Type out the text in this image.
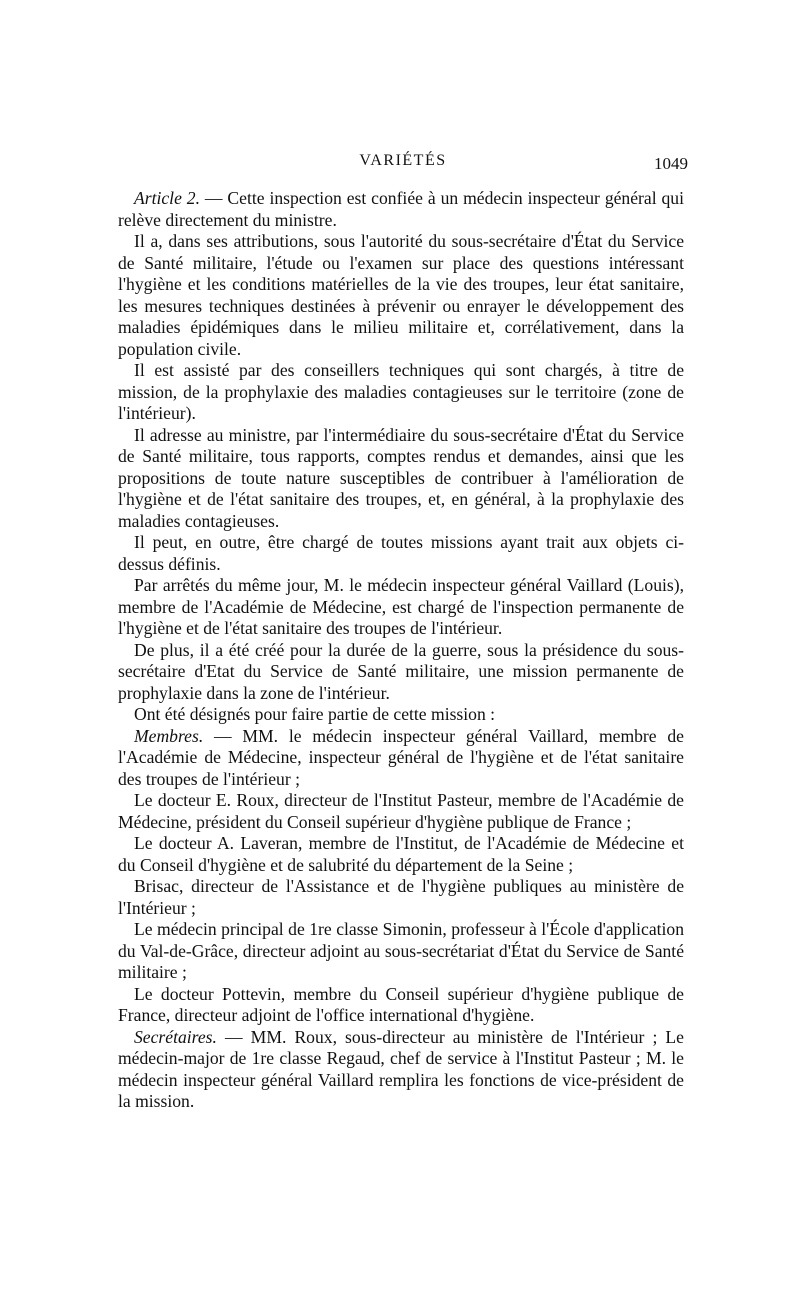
VARIÉTÉS	1049

Article 2. — Cette inspection est confiée à un médecin inspecteur général qui relève directement du ministre.

Il a, dans ses attributions, sous l'autorité du sous-secrétaire d'État du Service de Santé militaire, l'étude ou l'examen sur place des questions intéressant l'hygiène et les conditions matérielles de la vie des troupes, leur état sanitaire, les mesures techniques destinées à prévenir ou enrayer le développement des maladies épidémiques dans le milieu militaire et, corrélativement, dans la population civile.

Il est assisté par des conseillers techniques qui sont chargés, à titre de mission, de la prophylaxie des maladies contagieuses sur le territoire (zone de l'intérieur).

Il adresse au ministre, par l'intermédiaire du sous-secrétaire d'État du Service de Santé militaire, tous rapports, comptes rendus et demandes, ainsi que les propositions de toute nature susceptibles de contribuer à l'amélioration de l'hygiène et de l'état sanitaire des troupes, et, en général, à la prophylaxie des maladies contagieuses.

Il peut, en outre, être chargé de toutes missions ayant trait aux objets ci-dessus définis.

Par arrêtés du même jour, M. le médecin inspecteur général Vaillard (Louis), membre de l'Académie de Médecine, est chargé de l'inspection permanente de l'hygiène et de l'état sanitaire des troupes de l'intérieur.

De plus, il a été créé pour la durée de la guerre, sous la présidence du sous-secrétaire d'Etat du Service de Santé militaire, une mission permanente de prophylaxie dans la zone de l'intérieur.

Ont été désignés pour faire partie de cette mission :

Membres. — MM. le médecin inspecteur général Vaillard, membre de l'Académie de Médecine, inspecteur général de l'hygiène et de l'état sanitaire des troupes de l'intérieur ;

Le docteur E. Roux, directeur de l'Institut Pasteur, membre de l'Académie de Médecine, président du Conseil supérieur d'hygiène publique de France ;

Le docteur A. Laveran, membre de l'Institut, de l'Académie de Médecine et du Conseil d'hygiène et de salubrité du département de la Seine ;

Brisac, directeur de l'Assistance et de l'hygiène publiques au ministère de l'Intérieur ;

Le médecin principal de 1re classe Simonin, professeur à l'École d'application du Val-de-Grâce, directeur adjoint au sous-secrétariat d'État du Service de Santé militaire ;

Le docteur Pottevin, membre du Conseil supérieur d'hygiène publique de France, directeur adjoint de l'office international d'hygiène.

Secrétaires. — MM. Roux, sous-directeur au ministère de l'Intérieur ; Le médecin-major de 1re classe Regaud, chef de service à l'Institut Pasteur ; M. le médecin inspecteur général Vaillard remplira les fonctions de vice-président de la mission.
